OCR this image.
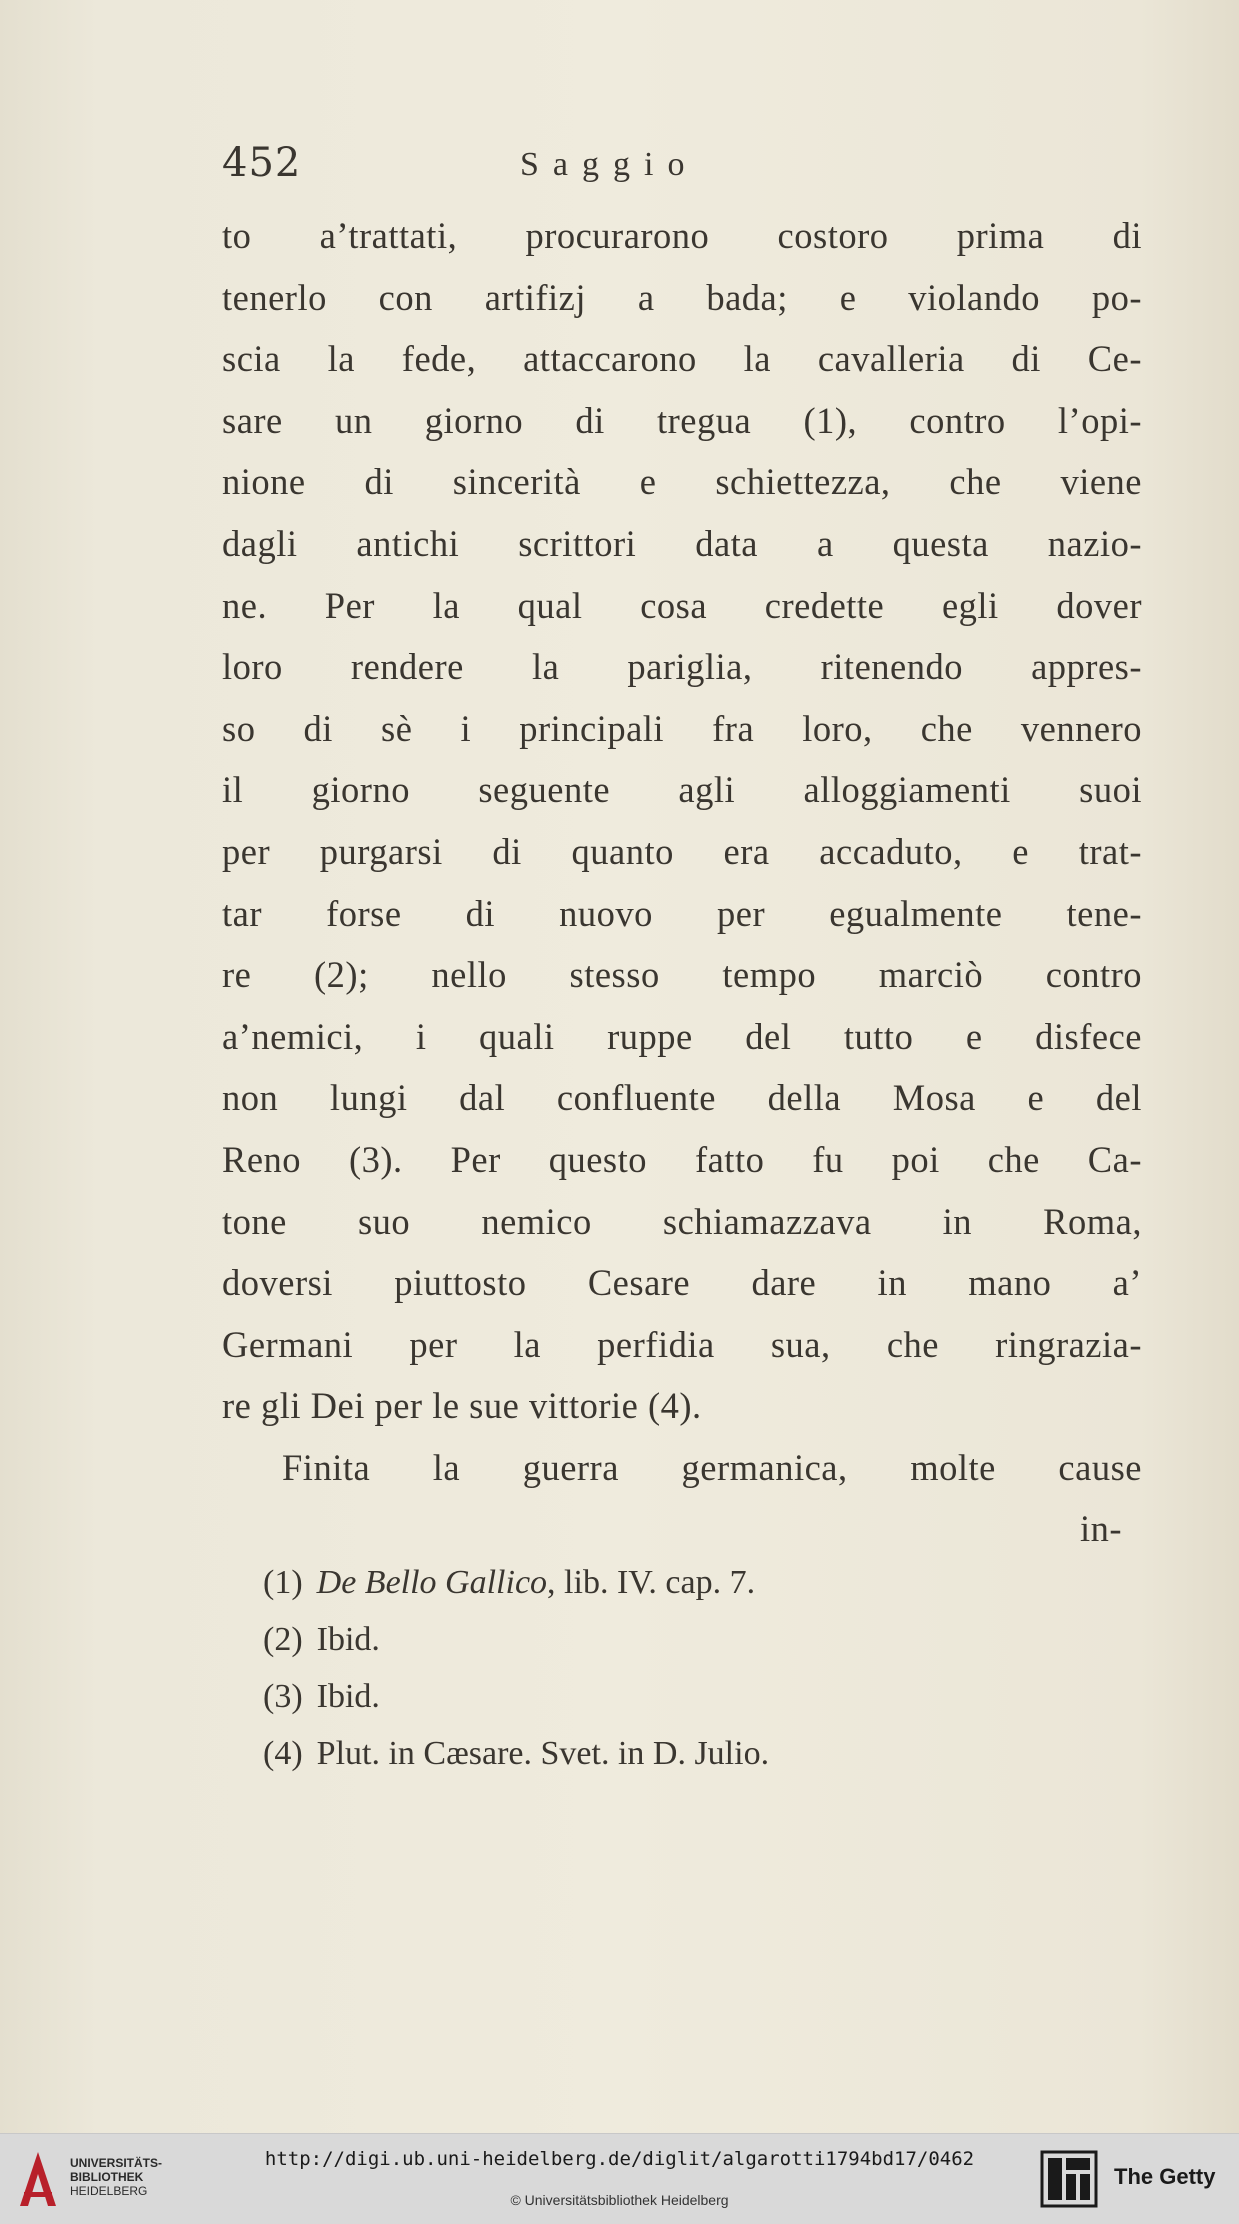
452	Saggio
to a’trattati, procurarono costoro prima di
tenerlo con artifizj a bada; e violando po-
scia la fede, attaccarono la cavalleria di Ce-
sare un giorno di tregua (1), contro l’opi-
nione di sincerità e schiettezza, che viene
dagli antichi scrittori data a questa nazio-
ne. Per la qual cosa credette egli dover
loro rendere la pariglia, ritenendo appres-
so di sè i principali fra loro, che vennero
il giorno seguente agli alloggiamenti suoi
per purgarsi di quanto era accaduto, e trat-
tar forse di nuovo per egualmente tene-
re (2); nello stesso tempo marciò contro
a’nemici, i quali ruppe del tutto e disfece
non lungi dal confluente della Mosa e del
Reno (3). Per questo fatto fu poi che Ca-
tone suo nemico schiamazzava in Roma,
doversi piuttosto Cesare dare in mano a’
Germani per la perfidia sua, che ringrazia-
re gli Dei per le sue vittorie (4).
Finita la guerra germanica, molte cause
in-
(1) De Bello Gallico, lib. IV. cap. 7.
(2) Ibid.
(3) Ibid.
(4) Plut. in Cæsare. Svet. in D. Julio.
UNIVERSITÄTS-
BIBLIOTHEK
HEIDELBERG
http://digi.ub.uni-heidelberg.de/diglit/algarotti1794bd17/0462
© Universitätsbibliothek Heidelberg
The Getty
